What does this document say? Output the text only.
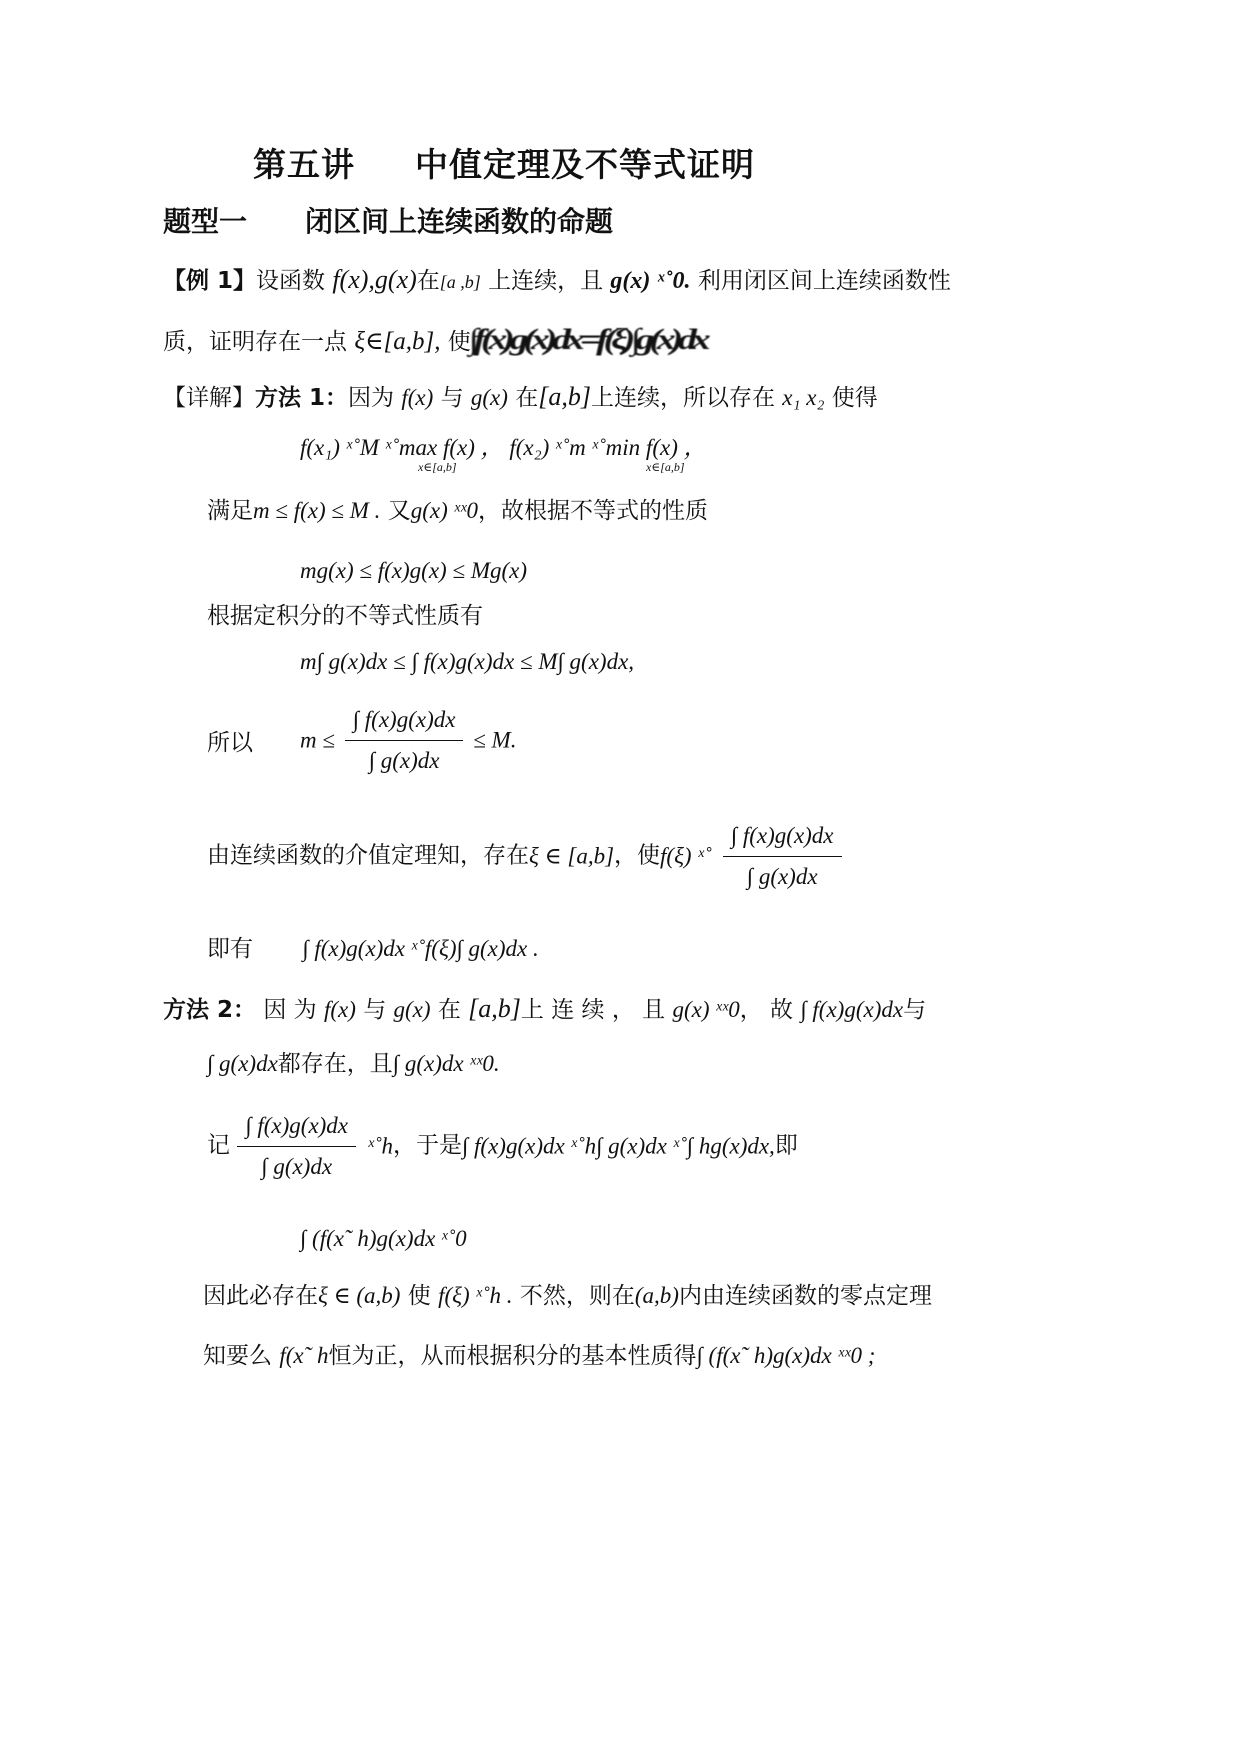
第五讲 中值定理及不等式证明
题型一 闭区间上连续函数的命题
【例 1】设函数 f(x),g(x)在[a ,b] 上连续，且 g(x) ˣ˚0. 利用闭区间上连续函数性
质，证明存在一点 ξ∈[a,b], 使 ∫f(x)g(x)dx=f(ξ)∫g(x)dx
【详解】方法 1：因为 f(x) 与 g(x) 在[a,b]上连续，所以存在 x₁ x₂ 使得
f(x₁) ˣ˚M ˣ˚max f(x) ， f(x₂) ˣ˚m ˣ˚min f(x) ，
x∈[a,b]	x∈[a,b]
满足m ≤ f(x) ≤ M . 又g(x) ˣˣ0，故根据不等式的性质
mg(x) ≤ f(x)g(x) ≤ Mg(x)
根据定积分的不等式性质有
m∫ g(x)dx ≤ ∫ f(x)g(x)dx ≤ M∫ g(x)dx,
所以 $m \le \frac{\int f(x)g(x)dx}{\int g(x)dx} \le M$.
由连续函数的介值定理知，存在ξ ∈ [a,b]，使f(ξ) ˣ˚ $\frac{\int f(x)g(x)dx}{\int g(x)dx}$
即有 ∫ f(x)g(x)dx ˣ˚f(ξ)∫ g(x)dx .
方法 2： 因 为 f(x) 与 g(x) 在 [a,b]上 连 续 ， 且 g(x) ˣˣ0， 故 ∫ f(x)g(x)dx与
∫ g(x)dx都存在，且∫ g(x)dx ˣˣ0.
记 $\frac{\int f(x)g(x)dx}{\int g(x)dx}$ ˣ˚h，于是∫ f(x)g(x)dx ˣ˚h∫ g(x)dx ˣ˚∫ hg(x)dx,即
∫ (f(x˜ h)g(x)dx ˣ˚0
因此必存在ξ ∈ (a,b) 使 f(ξ) ˣ˚h . 不然，则在(a,b)内由连续函数的零点定理
知要么 f(x˜ h恒为正，从而根据积分的基本性质得∫ (f(x˜ h)g(x)dx ˣˣ0 ;
